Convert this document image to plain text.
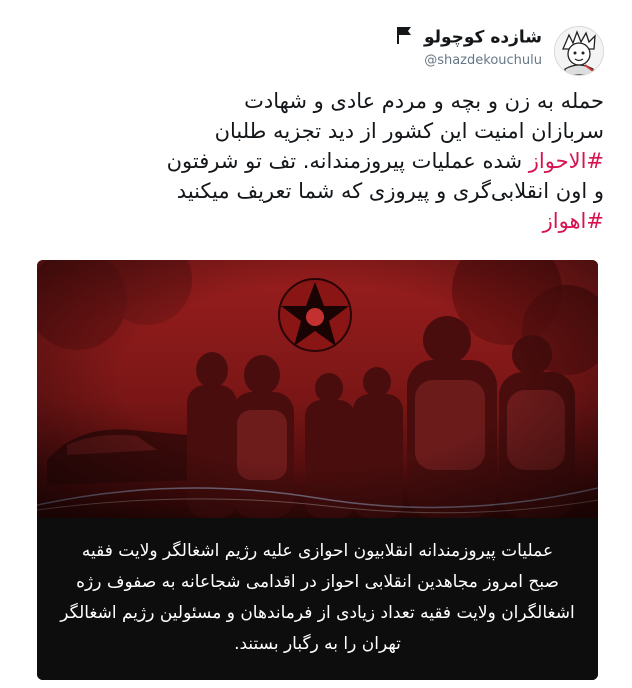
شازده کوچولو
@shazdekouchulu

حمله به زن و بچه و مردم عادی و شهادت

سربازان امنیت این کشور از دید تجزیه طلبان

#الاحواز شده عملیات پیروزمندانه. تف تو شرفتون

و اون انقلابی‌گری و پیروزی که شما تعریف میکنید

#اهواز

عملیات پیروزمندانه انقلابیون احوازی علیه رژیم اشغالگر ولایت فقیه
صبح امروز مجاهدین انقلابی احواز در اقدامی شجاعانه به صفوف رژه
اشغالگران ولایت فقیه تعداد زیادی از فرماندهان و مسئولین رژیم اشغالگر
تهران را به رگبار بستند.
